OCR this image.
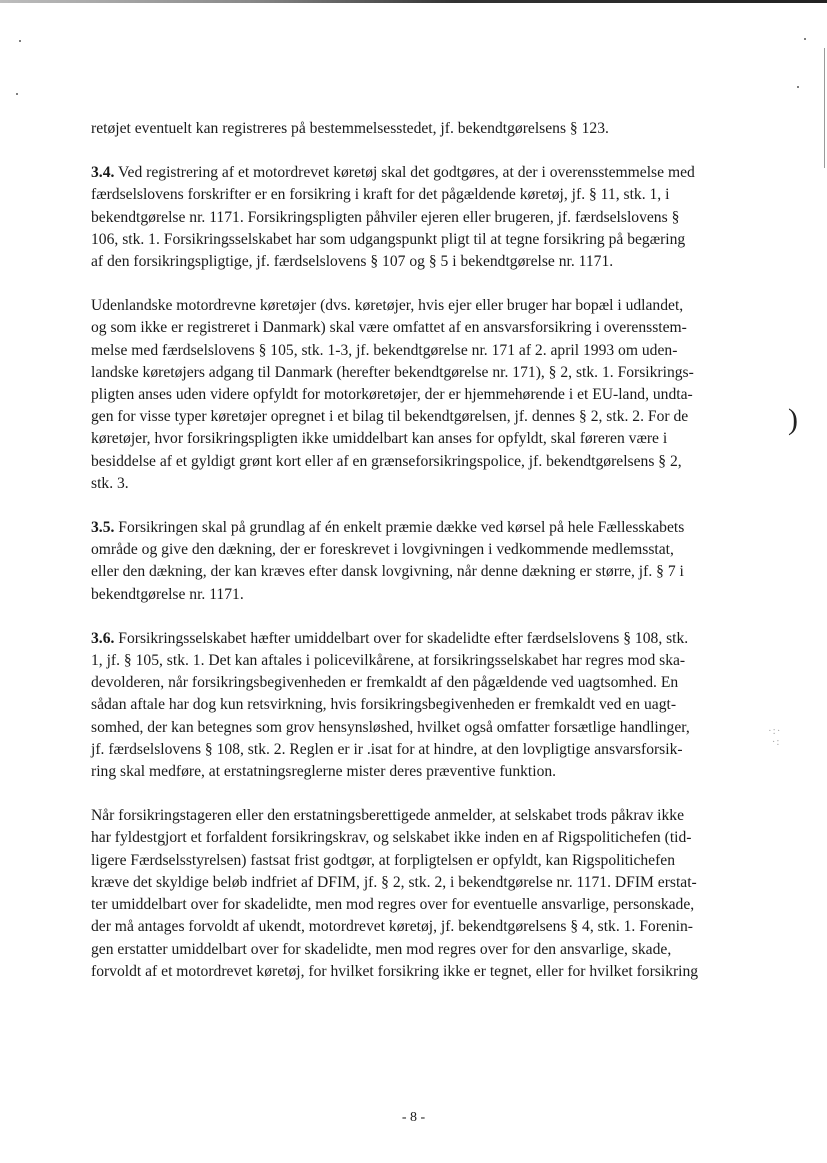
)
·:·
·:
retøjet eventuelt kan registreres på bestemmelsesstedet, jf. bekendtgørelsens § 123.
3.4. Ved registrering af et motordrevet køretøj skal det godtgøres, at der i overensstemmelse med
færdselslovens forskrifter er en forsikring i kraft for det pågældende køretøj, jf. § 11, stk. 1, i
bekendtgørelse nr. 1171. Forsikringspligten påhviler ejeren eller brugeren, jf. færdselslovens §
106, stk. 1. Forsikringsselskabet har som udgangspunkt pligt til at tegne forsikring på begæring
af den forsikringspligtige, jf. færdselslovens § 107 og § 5 i bekendtgørelse nr. 1171.
Udenlandske motordrevne køretøjer (dvs. køretøjer, hvis ejer eller bruger har bopæl i udlandet,
og som ikke er registreret i Danmark) skal være omfattet af en ansvarsforsikring i overensstem-
melse med færdselslovens § 105, stk. 1-3, jf. bekendtgørelse nr. 171 af 2. april 1993 om uden-
landske køretøjers adgang til Danmark (herefter bekendtgørelse nr. 171), § 2, stk. 1. Forsikrings-
pligten anses uden videre opfyldt for motorkøretøjer, der er hjemmehørende i et EU-land, undta-
gen for visse typer køretøjer opregnet i et bilag til bekendtgørelsen, jf. dennes § 2, stk. 2. For de
køretøjer, hvor forsikringspligten ikke umiddelbart kan anses for opfyldt, skal føreren være i
besiddelse af et gyldigt grønt kort eller af en grænseforsikringspolice, jf. bekendtgørelsens § 2,
stk. 3.
3.5. Forsikringen skal på grundlag af én enkelt præmie dække ved kørsel på hele Fællesskabets
område og give den dækning, der er foreskrevet i lovgivningen i vedkommende medlemsstat,
eller den dækning, der kan kræves efter dansk lovgivning, når denne dækning er større, jf. § 7 i
bekendtgørelse nr. 1171.
3.6. Forsikringsselskabet hæfter umiddelbart over for skadelidte efter færdselslovens § 108, stk.
1, jf. § 105, stk. 1. Det kan aftales i policevilkårene, at forsikringsselskabet har regres mod ska-
devolderen, når forsikringsbegivenheden er fremkaldt af den pågældende ved uagtsomhed. En
sådan aftale har dog kun retsvirkning, hvis forsikringsbegivenheden er fremkaldt ved en uagt-
somhed, der kan betegnes som grov hensynsløshed, hvilket også omfatter forsætlige handlinger,
jf. færdselslovens § 108, stk. 2. Reglen er ir .isat for at hindre, at den lovpligtige ansvarsforsik-
ring skal medføre, at erstatningsreglerne mister deres præventive funktion.
Når forsikringstageren eller den erstatningsberettigede anmelder, at selskabet trods påkrav ikke
har fyldestgjort et forfaldent forsikringskrav, og selskabet ikke inden en af Rigspolitichefen (tid-
ligere Færdselsstyrelsen) fastsat frist godtgør, at forpligtelsen er opfyldt, kan Rigspolitichefen
kræve det skyldige beløb indfriet af DFIM, jf. § 2, stk. 2, i bekendtgørelse nr. 1171. DFIM erstat-
ter umiddelbart over for skadelidte, men mod regres over for eventuelle ansvarlige, personskade,
der må antages forvoldt af ukendt, motordrevet køretøj, jf. bekendtgørelsens § 4, stk. 1. Forenin-
gen erstatter umiddelbart over for skadelidte, men mod regres over for den ansvarlige, skade,
forvoldt af et motordrevet køretøj, for hvilket forsikring ikke er tegnet, eller for hvilket forsikring
- 8 -
